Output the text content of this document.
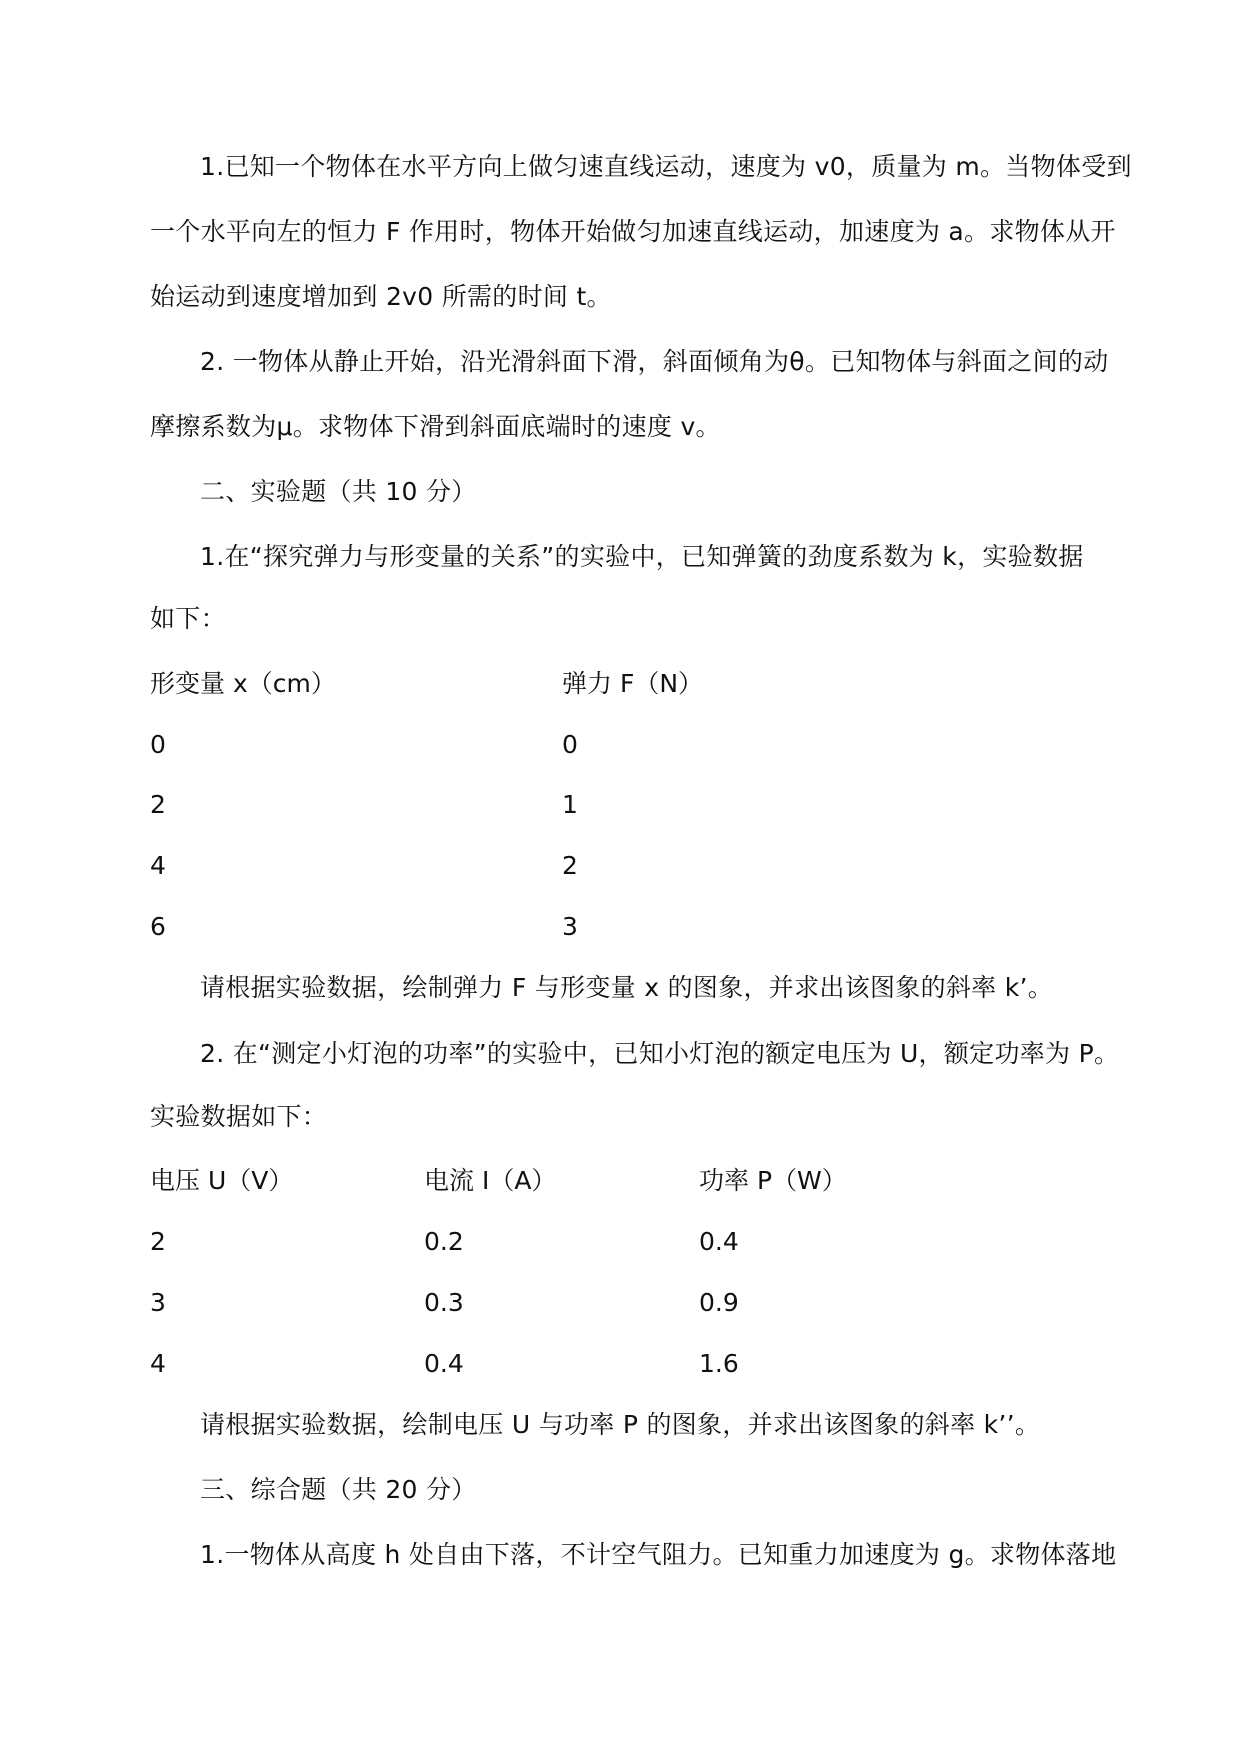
1.已知一个物体在水平方向上做匀速直线运动，速度为 v0，质量为 m。当物体受到
一个水平向左的恒力 F 作用时，物体开始做匀加速直线运动，加速度为 a。求物体从开
始运动到速度增加到 2v0 所需的时间 t。
2. 一物体从静止开始，沿光滑斜面下滑，斜面倾角为θ。已知物体与斜面之间的动
摩擦系数为μ。求物体下滑到斜面底端时的速度 v。
二、实验题（共 10 分）
1.在“探究弹力与形变量的关系”的实验中，已知弹簧的劲度系数为 k，实验数据
如下：
形变量 x（cm）	弹力 F（N）
0	0
2	1
4	2
6	3
请根据实验数据，绘制弹力 F 与形变量 x 的图象，并求出该图象的斜率 k’。
2. 在“测定小灯泡的功率”的实验中，已知小灯泡的额定电压为 U，额定功率为 P。
实验数据如下：
电压 U（V）	电流 I（A）	功率 P（W）
2	0.2	0.4
3	0.3	0.9
4	0.4	1.6
请根据实验数据，绘制电压 U 与功率 P 的图象，并求出该图象的斜率 k’’。
三、综合题（共 20 分）
1.一物体从高度 h 处自由下落，不计空气阻力。已知重力加速度为 g。求物体落地
